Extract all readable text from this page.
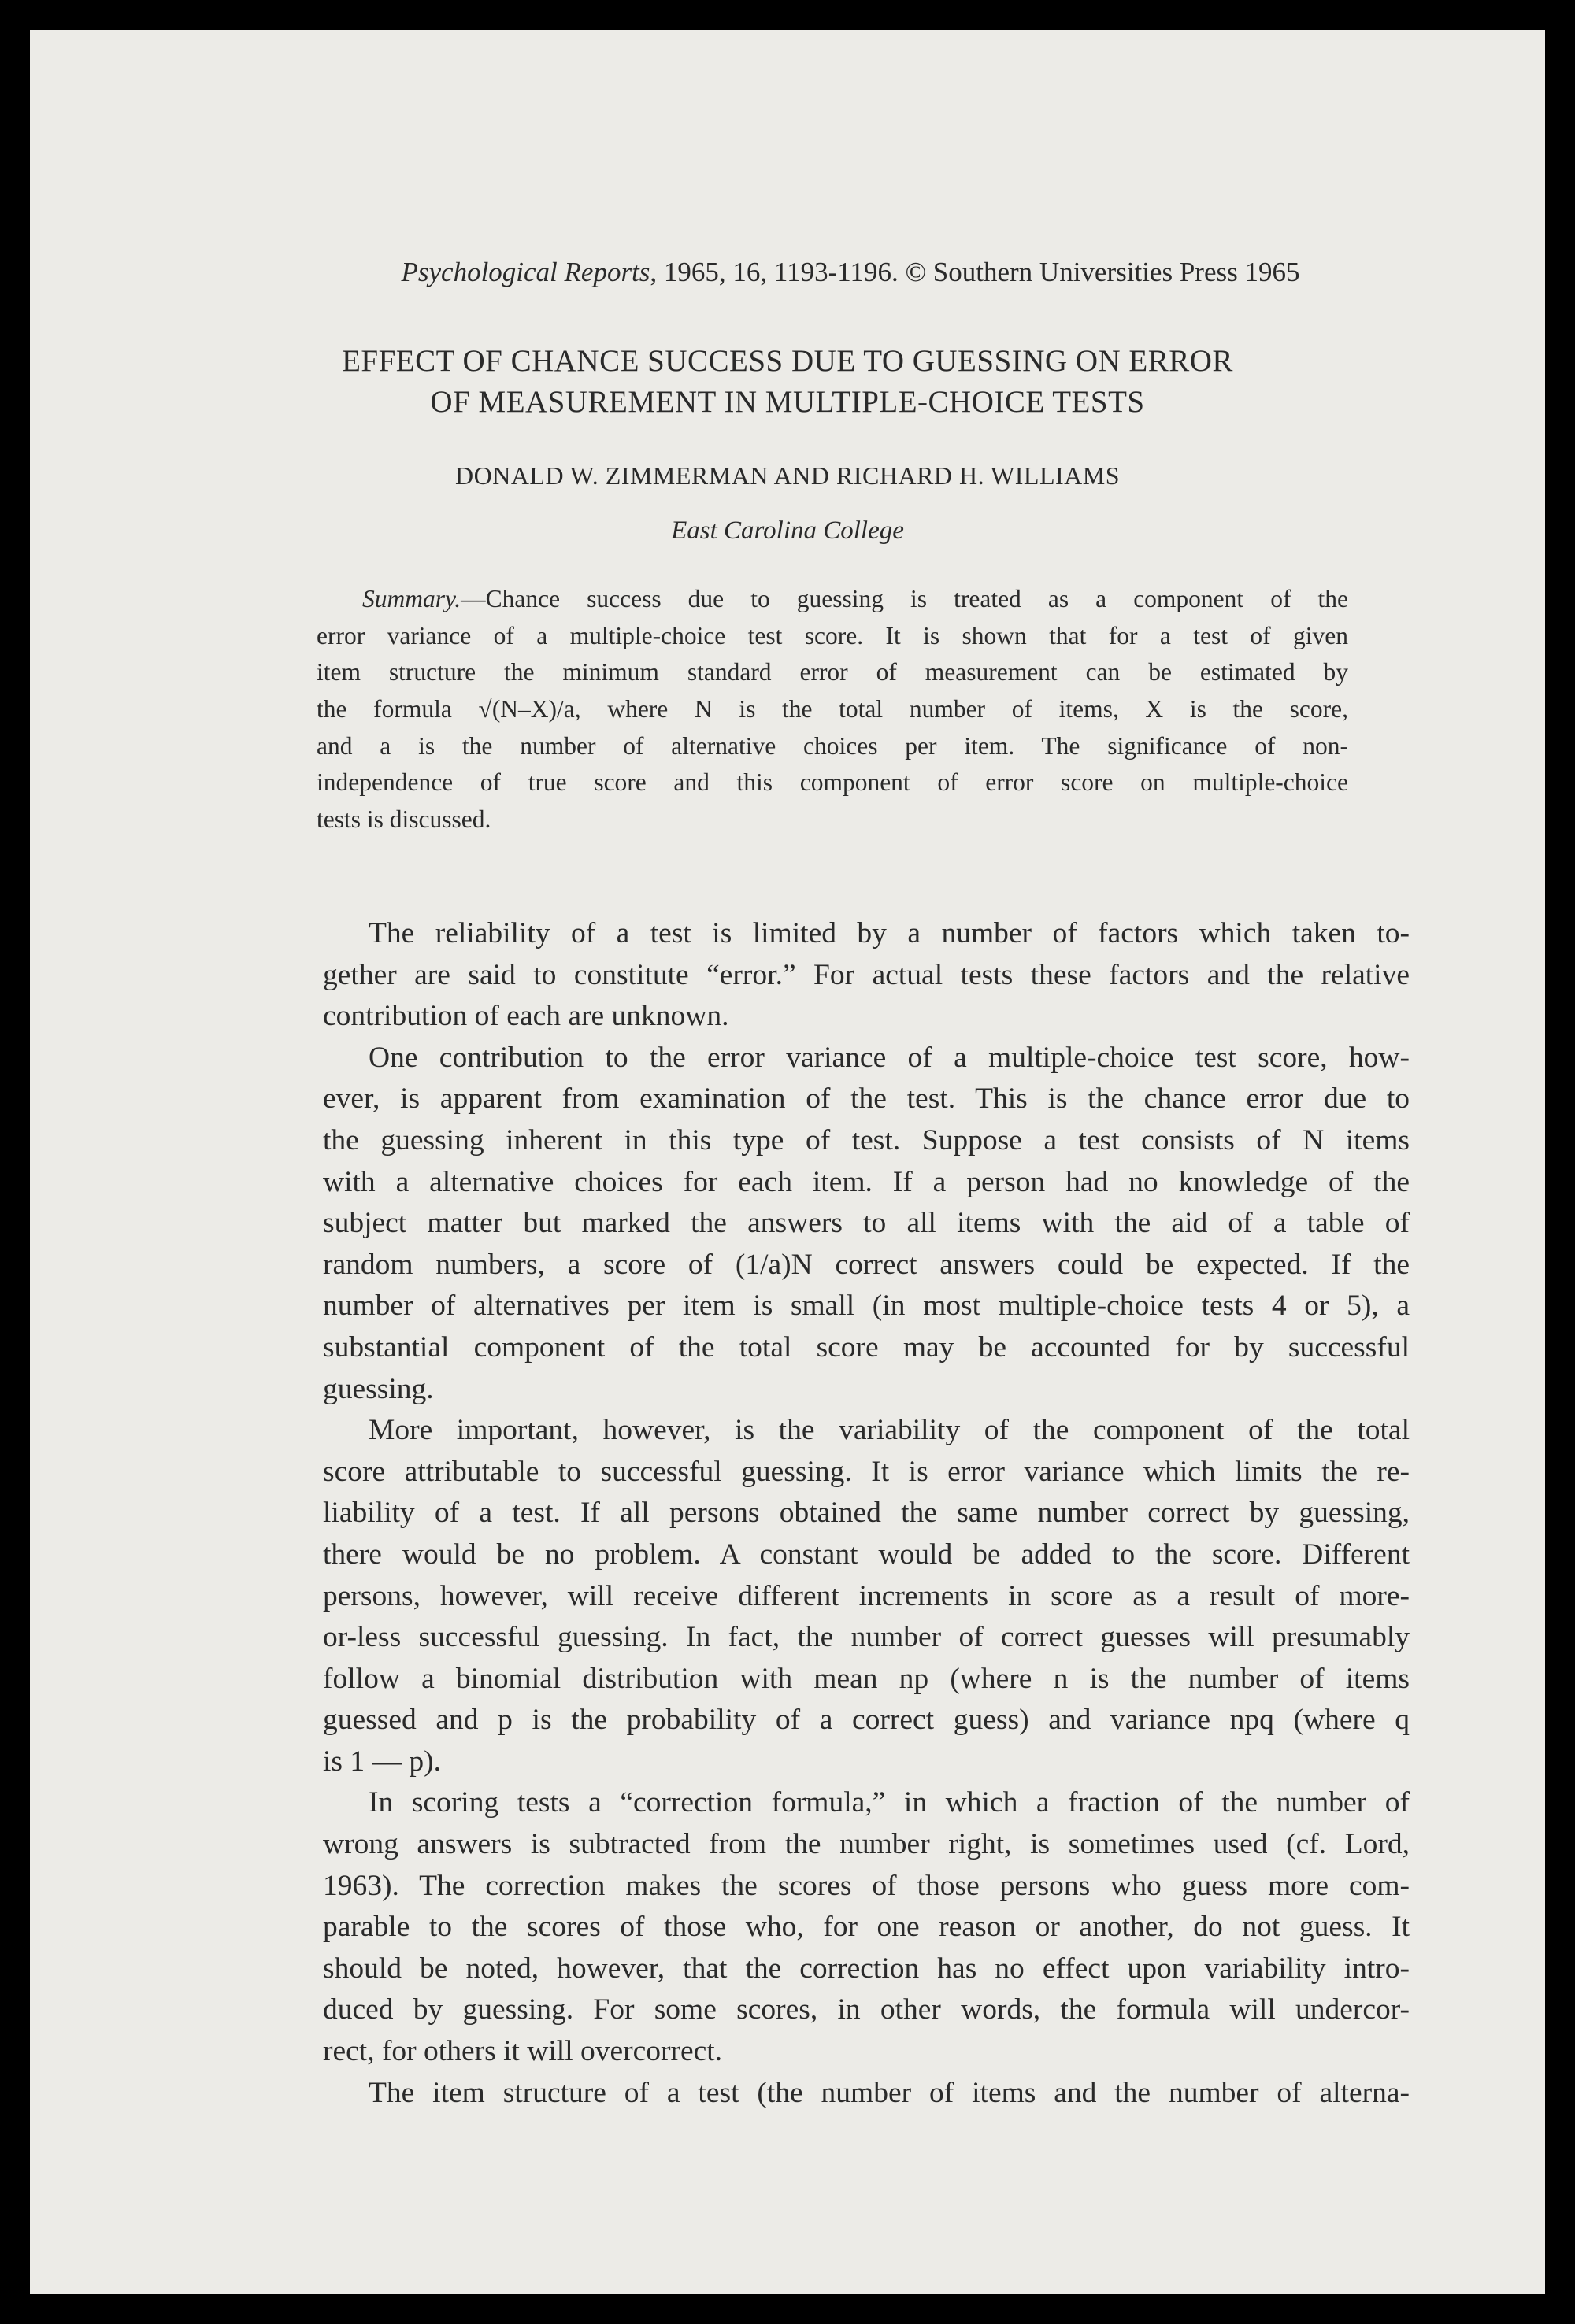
Psychological Reports, 1965, 16, 1193-1196. © Southern Universities Press 1965
EFFECT OF CHANCE SUCCESS DUE TO GUESSING ON ERROR
OF MEASUREMENT IN MULTIPLE-CHOICE TESTS
DONALD W. ZIMMERMAN AND RICHARD H. WILLIAMS
East Carolina College
Summary. —Chance success due to guessing is treated as a component of the
error variance of a multiple-choice test score. It is shown that for a test of given
item structure the minimum standard error of measurement can be estimated by
the formula √(N–X)/a, where N is the total number of items, X is the score,
and a is the number of alternative choices per item. The significance of non-
independence of true score and this component of error score on multiple-choice
tests is discussed.
The reliability of a test is limited by a number of factors which taken to-
gether are said to constitute “error.” For actual tests these factors and the relative
contribution of each are unknown.
One contribution to the error variance of a multiple-choice test score, how-
ever, is apparent from examination of the test. This is the chance error due to
the guessing inherent in this type of test. Suppose a test consists of N items
with a alternative choices for each item. If a person had no knowledge of the
subject matter but marked the answers to all items with the aid of a table of
random numbers, a score of (1/a)N correct answers could be expected. If the
number of alternatives per item is small (in most multiple-choice tests 4 or 5), a
substantial component of the total score may be accounted for by successful
guessing.
More important, however, is the variability of the component of the total
score attributable to successful guessing. It is error variance which limits the re-
liability of a test. If all persons obtained the same number correct by guessing,
there would be no problem. A constant would be added to the score. Different
persons, however, will receive different increments in score as a result of more-
or-less successful guessing. In fact, the number of correct guesses will presumably
follow a binomial distribution with mean np (where n is the number of items
guessed and p is the probability of a correct guess) and variance npq (where q
is 1 — p).
In scoring tests a “correction formula,” in which a fraction of the number of
wrong answers is subtracted from the number right, is sometimes used (cf. Lord,
1963). The correction makes the scores of those persons who guess more com-
parable to the scores of those who, for one reason or another, do not guess. It
should be noted, however, that the correction has no effect upon variability intro-
duced by guessing. For some scores, in other words, the formula will undercor-
rect, for others it will overcorrect.
The item structure of a test (the number of items and the number of alterna-
